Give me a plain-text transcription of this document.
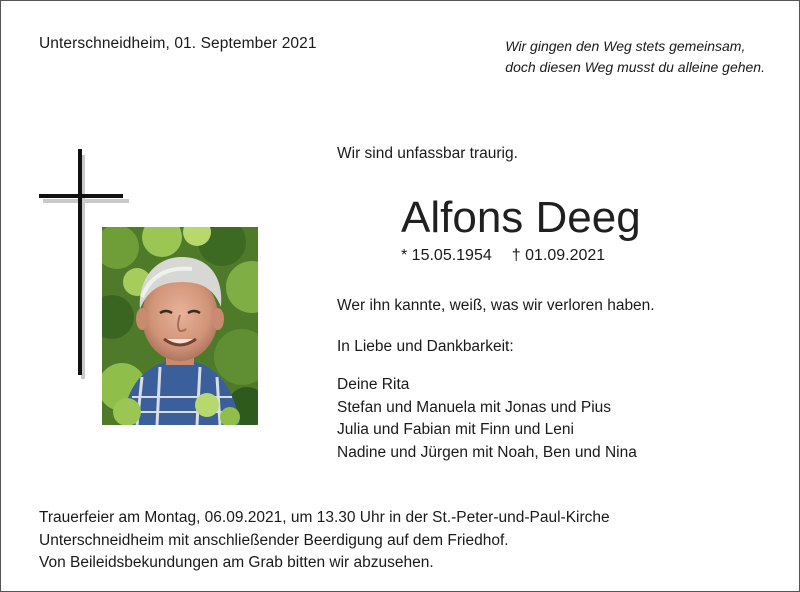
Unterschneidheim, 01. September 2021	Wir gingen den Weg stets gemeinsam,
doch diesen Weg musst du alleine gehen.
Wir sind unfassbar traurig.
Alfons Deeg
* 15.05.1954 † 01.09.2021
Wer ihn kannte, weiß, was wir verloren haben.
In Liebe und Dankbarkeit:
Deine Rita
Stefan und Manuela mit Jonas und Pius
Julia und Fabian mit Finn und Leni
Nadine und Jürgen mit Noah, Ben und Nina
Trauerfeier am Montag, 06.09.2021, um 13.30 Uhr in der St.-Peter-und-Paul-Kirche
Unterschneidheim mit anschließender Beerdigung auf dem Friedhof.
Von Beileidsbekundungen am Grab bitten wir abzusehen.
